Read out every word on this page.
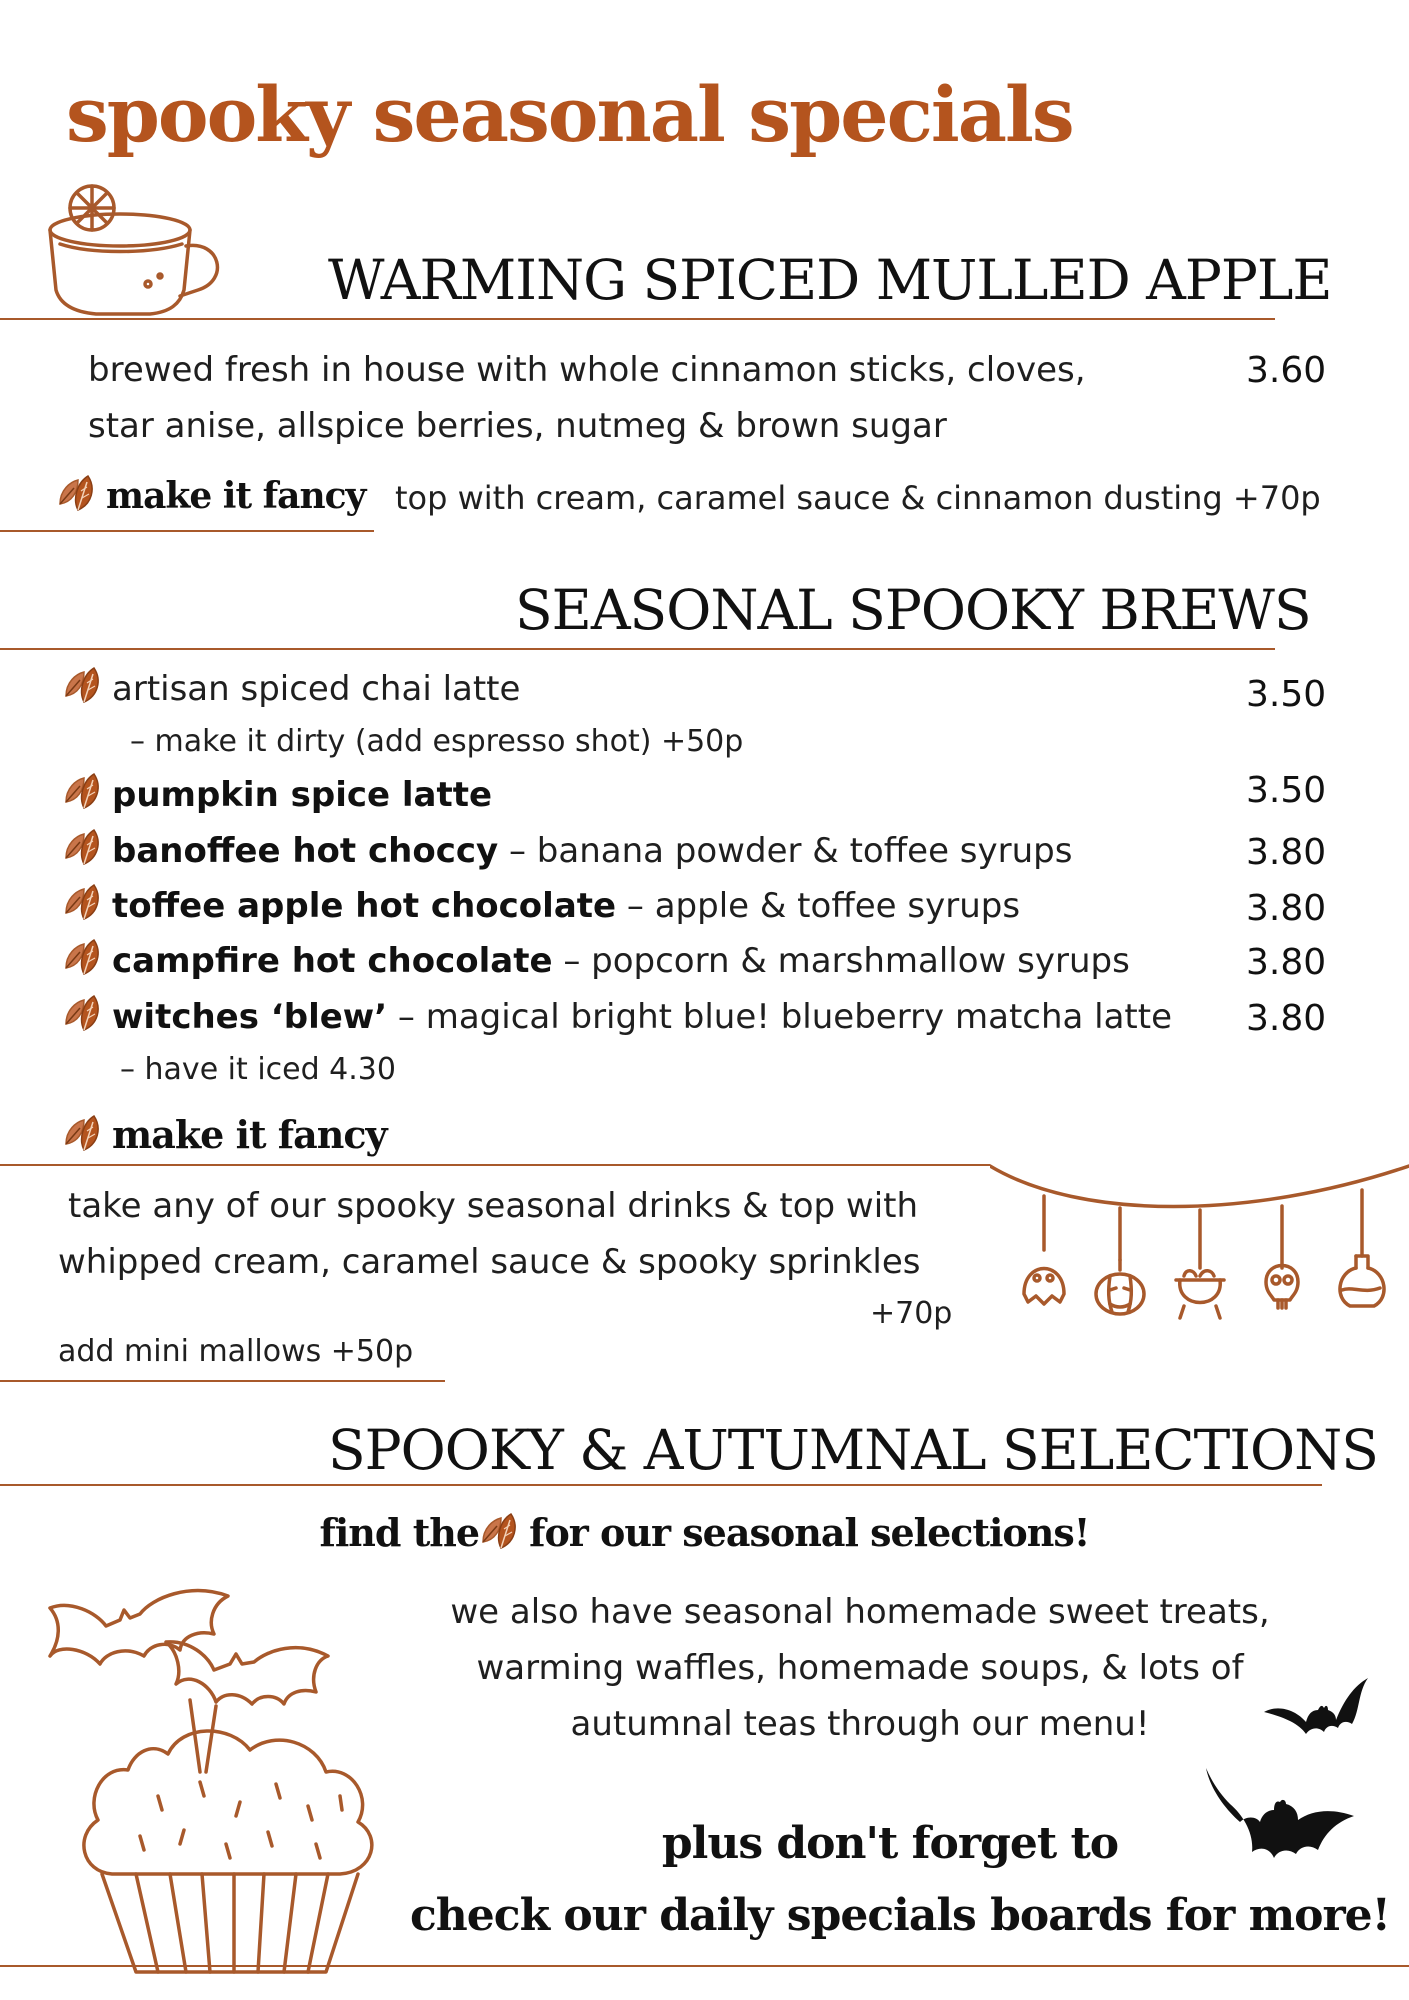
spooky seasonal specials
WARMING SPICED MULLED APPLE
brewed fresh in house with whole cinnamon sticks, cloves,
star anise, allspice berries, nutmeg & brown sugar
3.60
make it fancy top with cream, caramel sauce & cinnamon dusting +70p
SEASONAL SPOOKY BREWS
artisan spiced chai latte	3.50
– make it dirty (add espresso shot) +50p
pumpkin spice latte	3.50
banoffee hot choccy – banana powder & toffee syrups	3.80
toffee apple hot chocolate – apple & toffee syrups	3.80
campfire hot chocolate – popcorn & marshmallow syrups	3.80
witches ‘blew’ – magical bright blue! blueberry matcha latte 3.80
– have it iced 4.30
make it fancy
take any of our spooky seasonal drinks & top with
whipped cream, caramel sauce & spooky sprinkles
+70p
add mini mallows +50p
SPOOKY & AUTUMNAL SELECTIONS
find the for our seasonal selections!
we also have seasonal homemade sweet treats,
warming waffles, homemade soups, & lots of
autumnal teas through our menu!
plus don't forget to
check our daily specials boards for more!
